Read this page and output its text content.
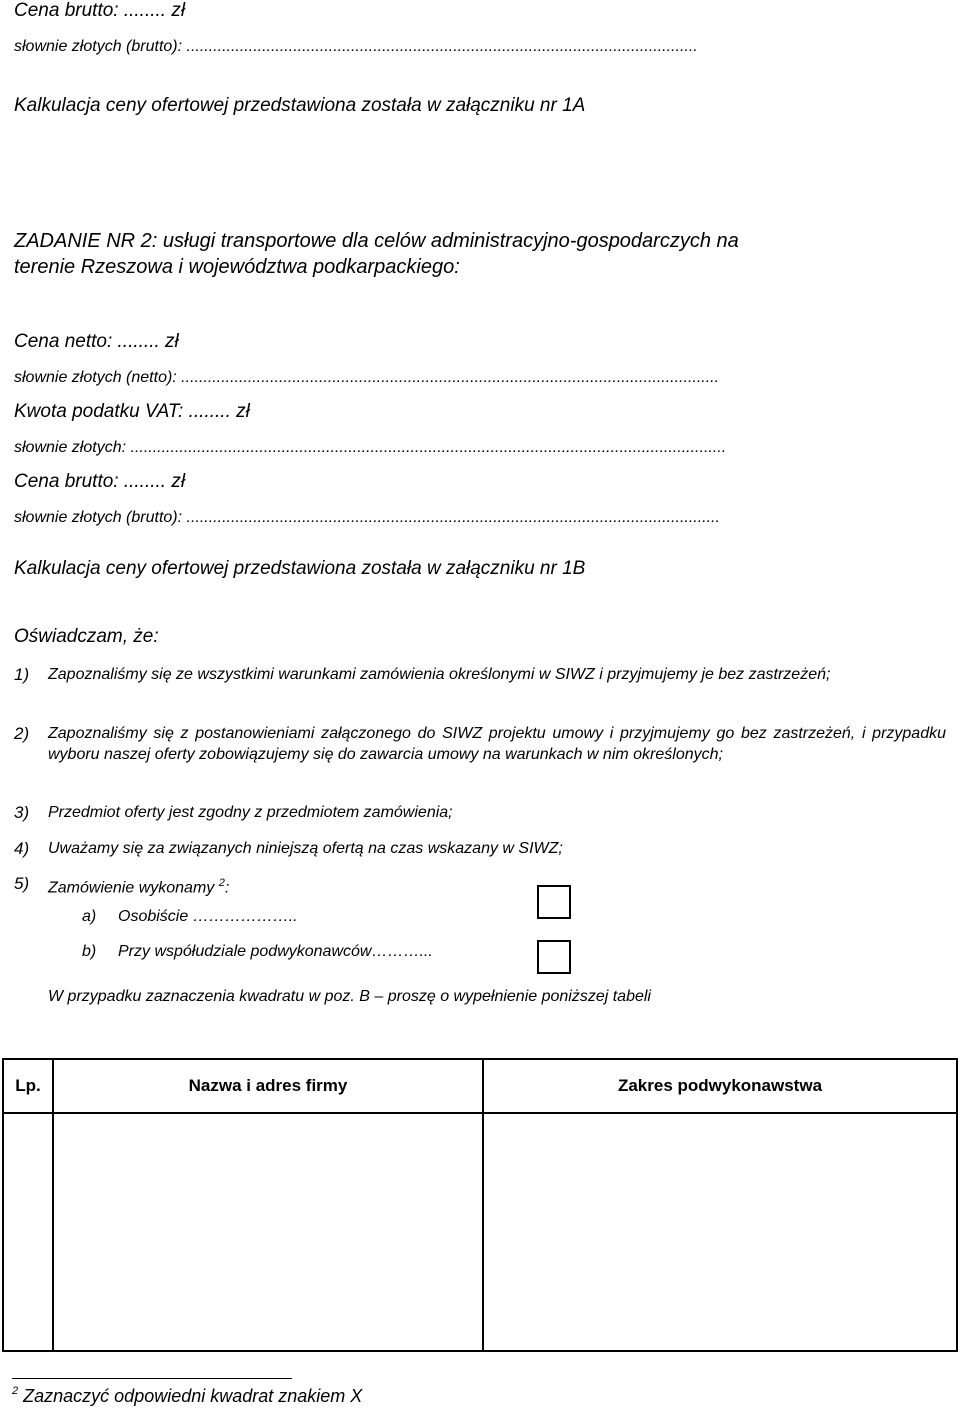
Cena brutto: ........ zł
słownie złotych (brutto): ...................................................................................................................
Kalkulacja ceny ofertowej przedstawiona została w załączniku nr 1A
ZADANIE NR 2: usługi transportowe dla celów administracyjno-gospodarczych na
terenie Rzeszowa i województwa podkarpackiego:
Cena netto: ........ zł
słownie złotych (netto): .........................................................................................................................
Kwota podatku VAT: ........ zł
słownie złotych: ......................................................................................................................................
Cena brutto: ........ zł
słownie złotych (brutto): ........................................................................................................................
Kalkulacja ceny ofertowej przedstawiona została w załączniku nr 1B
Oświadczam, że:
1) Zapoznaliśmy się ze wszystkimi warunkami zamówienia określonymi w SIWZ i przyjmujemy je bez zastrzeżeń;
2) Zapoznaliśmy się z postanowieniami załączonego do SIWZ projektu umowy i przyjmujemy go bez zastrzeżeń, i przypadku wyboru naszej oferty zobowiązujemy się do zawarcia umowy na warunkach w nim określonych;
3) Przedmiot oferty jest zgodny z przedmiotem zamówienia;
4) Uważamy się za związanych niniejszą ofertą na czas wskazany w SIWZ;
5) Zamówienie wykonamy $^2$:
a) Osobiście ………………..
b) Przy współudziale podwykonawców………...
W przypadku zaznaczenia kwadratu w poz. B – proszę o wypełnienie poniższej tabeli
Lp.	Nazwa i adres firmy	Zakres podwykonawstwa

$^2$ Zaznaczyć odpowiedni kwadrat znakiem X
